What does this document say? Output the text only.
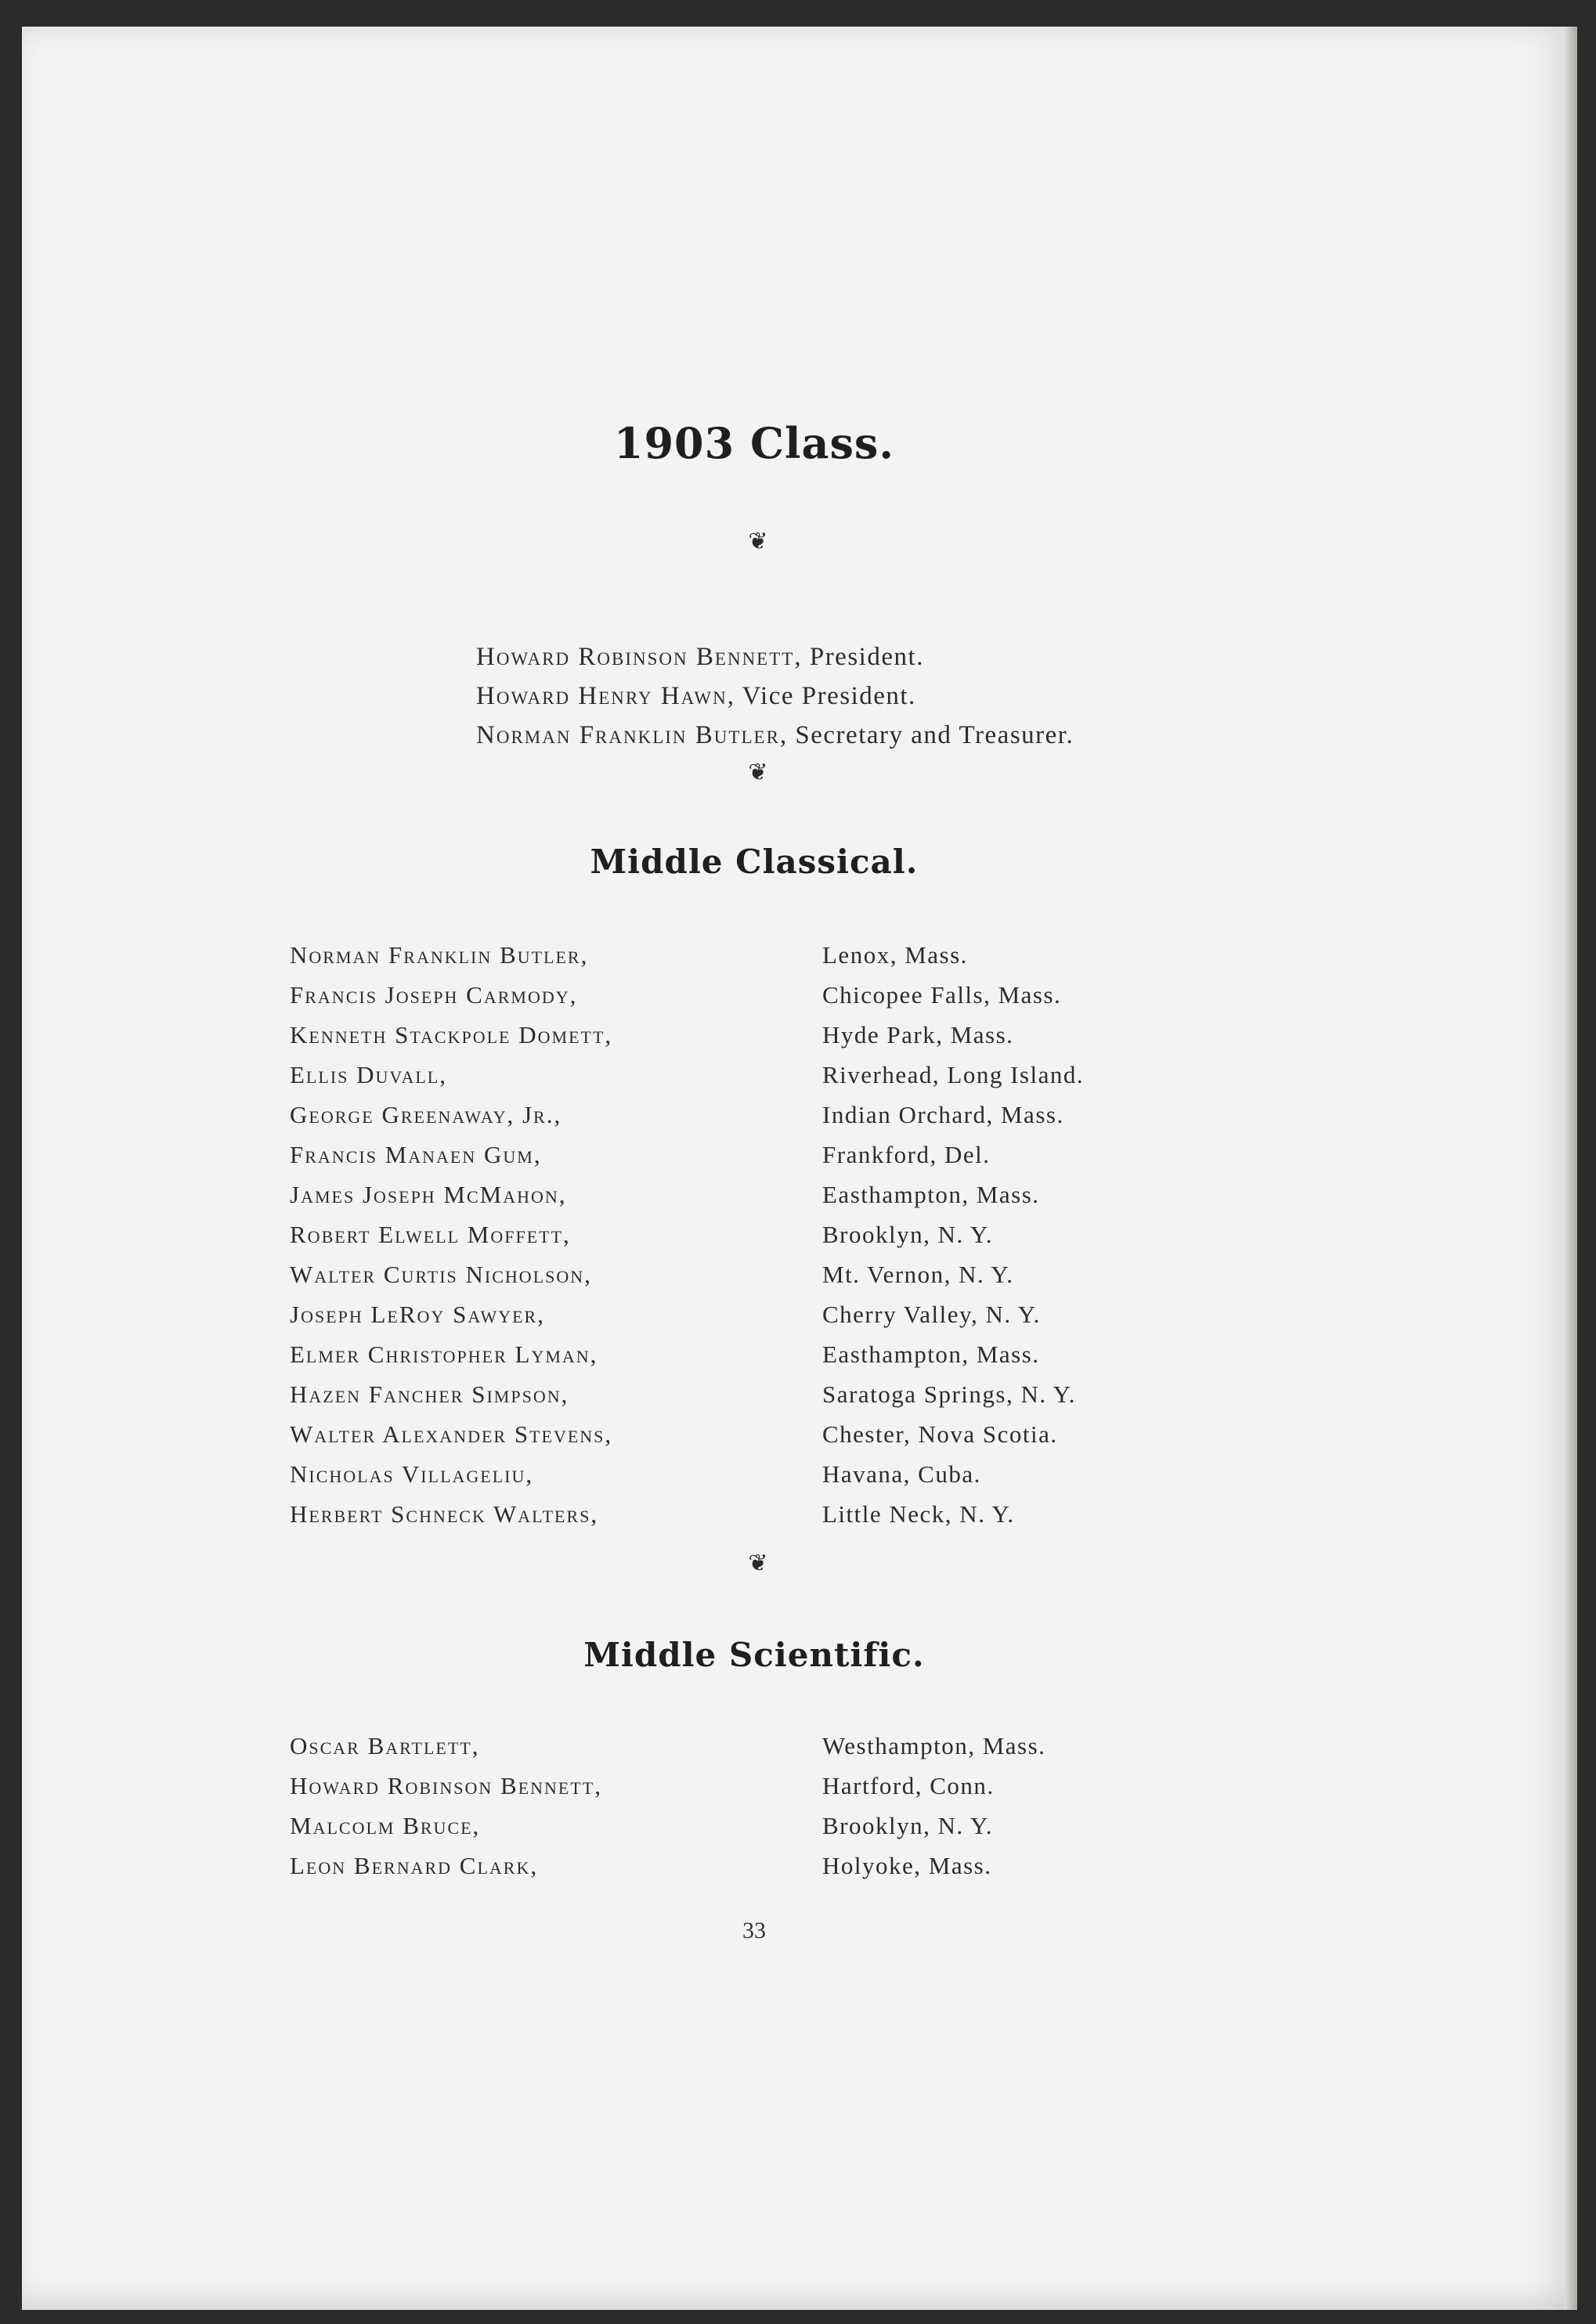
1903 Class.
❦
Howard Robinson Bennett, President.
Howard Henry Hawn, Vice President.
Norman Franklin Butler, Secretary and Treasurer.
❦
Middle Classical.
Norman Franklin Butler,	Lenox, Mass.
Francis Joseph Carmody,	Chicopee Falls, Mass.
Kenneth Stackpole Domett,	Hyde Park, Mass.
Ellis Duvall,	Riverhead, Long Island.
George Greenaway, Jr.,	Indian Orchard, Mass.
Francis Manaen Gum,	Frankford, Del.
James Joseph McMahon,	Easthampton, Mass.
Robert Elwell Moffett,	Brooklyn, N. Y.
Walter Curtis Nicholson,	Mt. Vernon, N. Y.
Joseph LeRoy Sawyer,	Cherry Valley, N. Y.
Elmer Christopher Lyman,	Easthampton, Mass.
Hazen Fancher Simpson,	Saratoga Springs, N. Y.
Walter Alexander Stevens,	Chester, Nova Scotia.
Nicholas Villageliu,	Havana, Cuba.
Herbert Schneck Walters,	Little Neck, N. Y.
❦
Middle Scientific.
Oscar Bartlett,	Westhampton, Mass.
Howard Robinson Bennett,	Hartford, Conn.
Malcolm Bruce,	Brooklyn, N. Y.
Leon Bernard Clark,	Holyoke, Mass.
33
